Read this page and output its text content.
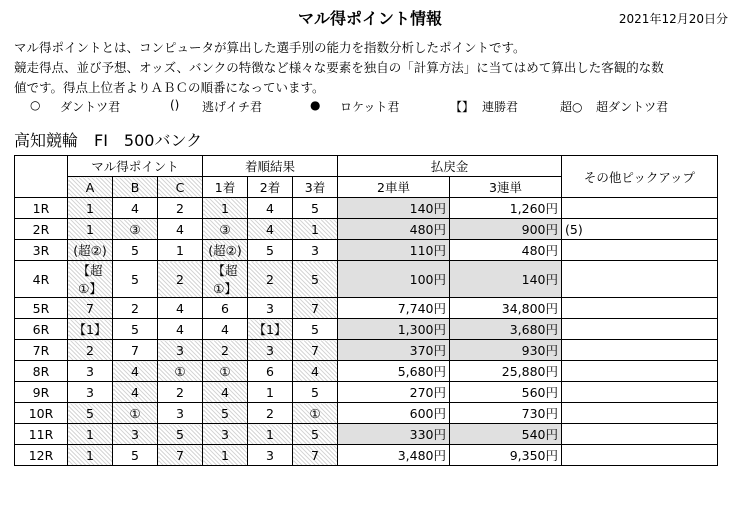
マル得ポイント情報	2021年12月20日分
マル得ポイントとは、コンピュータが算出した選手別の能力を指数分析したポイントです。
競走得点、並び予想、オッズ、バンクの特徴など様々な要素を独自の「計算方法」に当てはめて算出した客観的な数
値です。得点上位者よりＡＢＣの順番になっています。
○ ダントツ君	() 逃げイチ君	● ロケット君	【】 連勝君	超○ 超ダントツ君
高知競輪　FI　500バンク
	マル得ポイント			着順結果			払戻金		その他ピックアップ
	A	B	C	1着	2着	3着	2車単	3連単	
1R	1	4	2	1	4	5	140円	1,260円	
2R	1	③	4	③	4	1	480円	900円	(5)
3R	(超②)	5	1	(超②)	5	3	110円	480円	
4R	【超 ①】	5	2	【超 ①】	2	5	100円	140円	
5R	7	2	4	6	3	7	7,740円	34,800円	
6R	【1】	5	4	4	【1】	5	1,300円	3,680円	
7R	2	7	3	2	3	7	370円	930円	
8R	3	4	①	①	6	4	5,680円	25,880円	
9R	3	4	2	4	1	5	270円	560円	
10R	5	①	3	5	2	①	600円	730円	
11R	1	3	5	3	1	5	330円	540円	
12R	1	5	7	1	3	7	3,480円	9,350円	
